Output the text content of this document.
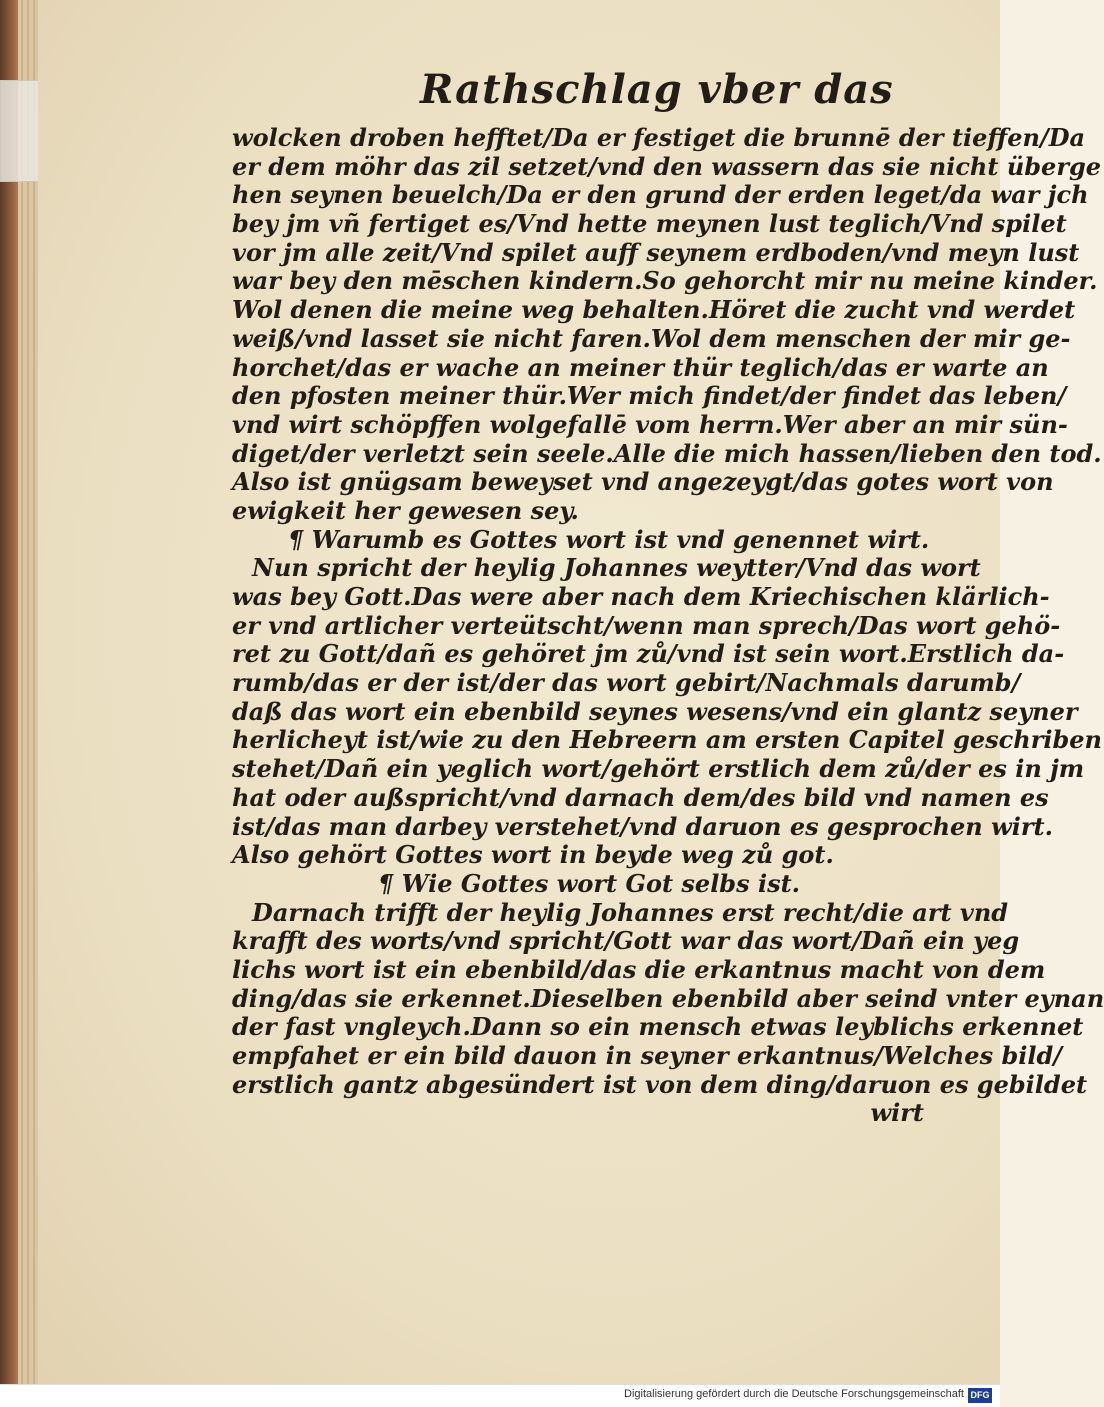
Rathschlag vber das
wolcken droben hefftet/Da er festiget die brunnē der tieffen/Da
er dem möhr das zil setzet/vnd den wassern das sie nicht überge
hen seynen beuelch/Da er den grund der erden leget/da war jch
bey jm vñ fertiget es/Vnd hette meynen lust teglich/Vnd spilet
vor jm alle zeit/Vnd spilet auff seynem erdboden/vnd meyn lust
war bey den mēschen kindern.So gehorcht mir nu meine kinder.
Wol denen die meine weg behalten.Höret die zucht vnd werdet
weiß/vnd lasset sie nicht faren.Wol dem menschen der mir ge-
horchet/das er wache an meiner thür teglich/das er warte an
den pfosten meiner thür.Wer mich findet/der findet das leben/
vnd wirt schöpffen wolgefallē vom herrn.Wer aber an mir sün-
diget/der verletzt sein seele.Alle die mich hassen/lieben den tod.
Also ist gnügsam beweyset vnd angezeygt/das gotes wort von
ewigkeit her gewesen sey.
¶ Warumb es Gottes wort ist vnd genennet wirt.
Nun spricht der heylig Johannes weytter/Vnd das wort
was bey Gott.Das were aber nach dem Kriechischen klärlich-
er vnd artlicher verteütscht/wenn man sprech/Das wort gehö-
ret zu Gott/dañ es gehöret jm zů/vnd ist sein wort.Erstlich da-
rumb/das er der ist/der das wort gebirt/Nachmals darumb/
daß das wort ein ebenbild seynes wesens/vnd ein glantz seyner
herlicheyt ist/wie zu den Hebreern am ersten Capitel geschriben
stehet/Dañ ein yeglich wort/gehört erstlich dem zů/der es in jm
hat oder außspricht/vnd darnach dem/des bild vnd namen es
ist/das man darbey verstehet/vnd daruon es gesprochen wirt.
Also gehört Gottes wort in beyde weg zů got.
¶ Wie Gottes wort Got selbs ist.
Darnach trifft der heylig Johannes erst recht/die art vnd
krafft des worts/vnd spricht/Gott war das wort/Dañ ein yeg
lichs wort ist ein ebenbild/das die erkantnus macht von dem
ding/das sie erkennet.Dieselben ebenbild aber seind vnter eynan
der fast vngleych.Dann so ein mensch etwas leyblichs erkennet
empfahet er ein bild dauon in seyner erkantnus/Welches bild/
erstlich gantz abgesündert ist von dem ding/daruon es gebildet
wirt
Digitalisierung gefördert durch die Deutsche Forschungsgemeinschaft DFG
